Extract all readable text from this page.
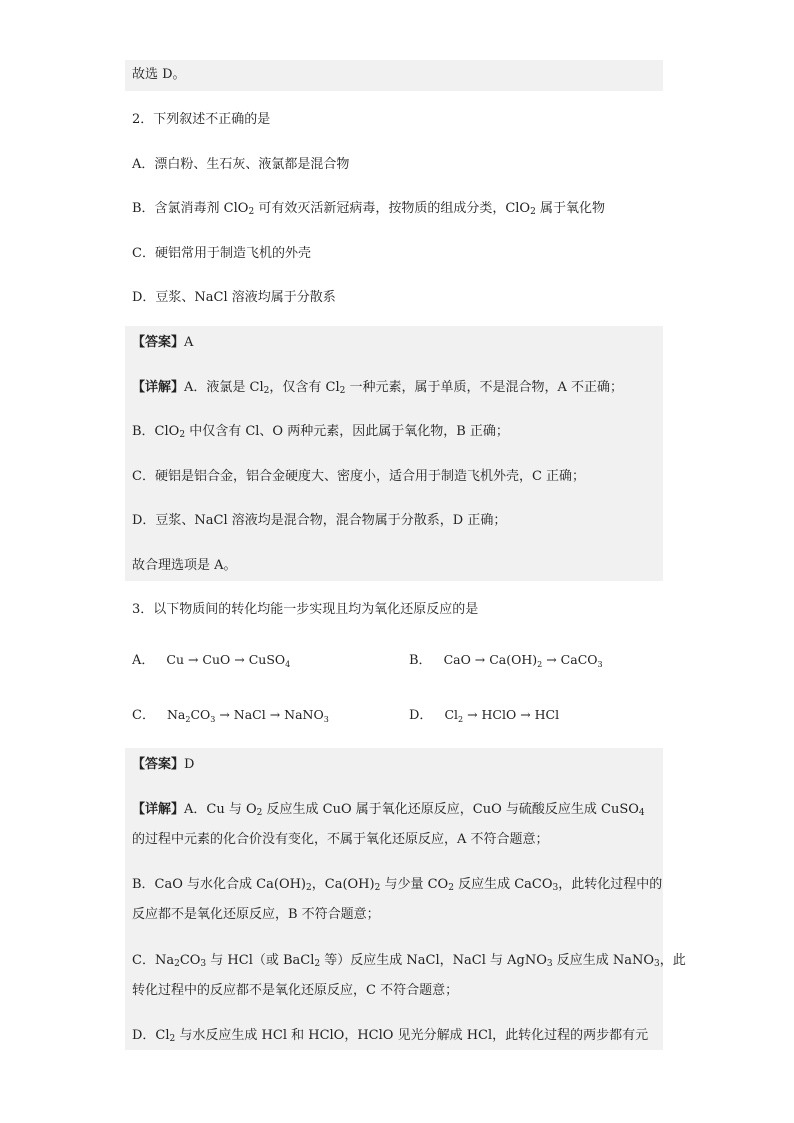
故选 D。
2．下列叙述不正确的是
A．漂白粉、生石灰、液氯都是混合物
B．含氯消毒剂 ClO$_2$ 可有效灭活新冠病毒，按物质的组成分类，ClO$_2$ 属于氧化物
C．硬铝常用于制造飞机的外壳
D．豆浆、NaCl 溶液均属于分散系
【答案】A
【详解】A．液氯是 $Cl_2$，仅含有 $Cl_2$ 一种元素，属于单质，不是混合物，A 不正确；
B．ClO$_2$ 中仅含有 Cl、O 两种元素，因此属于氧化物，B 正确；
C．硬铝是铝合金，铝合金硬度大、密度小，适合用于制造飞机外壳，C 正确；
D．豆浆、NaCl 溶液均是混合物，混合物属于分散系，D 正确；
故合理选项是 A。
3．以下物质间的转化均能一步实现且均为氧化还原反应的是
A． Cu → CuO → CuSO$_4$	B． CaO → $Ca(OH)_2$ → CaCO$_3$
C． $Na_2CO_3$ → NaCl → NaNO$_3$	D． $Cl_2$ → HClO → HCl
【答案】D
【详解】A．Cu 与 $O_2$ 反应生成 CuO 属于氧化还原反应，CuO 与硫酸反应生成 CuSO$_4$
的过程中元素的化合价没有变化，不属于氧化还原反应，A 不符合题意；
B．CaO 与水化合成 $Ca(OH)_2$，$Ca(OH)_2$ 与少量 $CO_2$ 反应生成 CaCO$_3$，此转化过程中的
反应都不是氧化还原反应，B 不符合题意；
C．$Na_2CO_3$ 与 HCl（或 BaCl$_2$ 等）反应生成 NaCl，NaCl 与 AgNO$_3$ 反应生成 NaNO$_3$，此
转化过程中的反应都不是氧化还原反应，C 不符合题意；
D．$Cl_2$ 与水反应生成 HCl 和 HClO，HClO 见光分解成 HCl，此转化过程的两步都有元
